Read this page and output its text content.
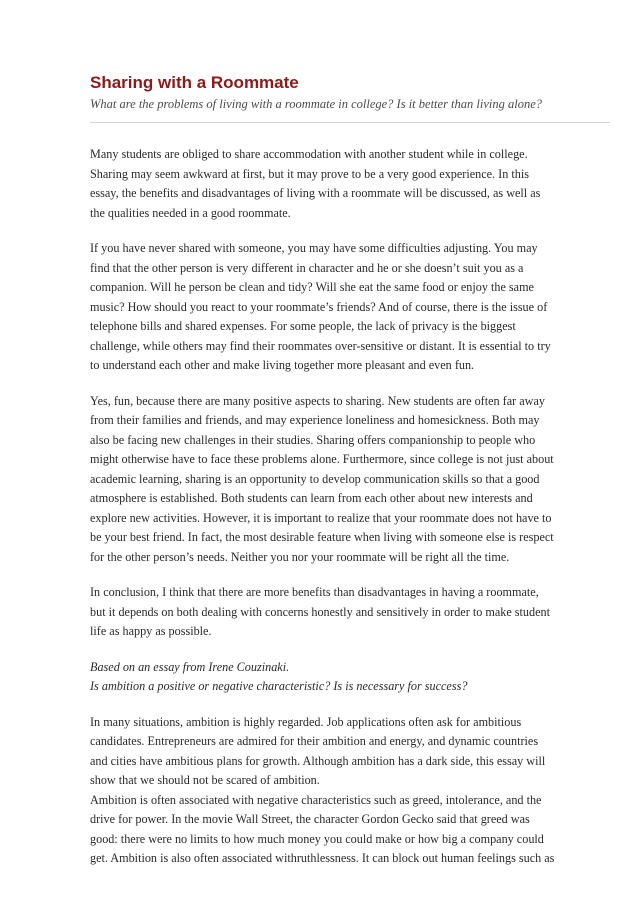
Sharing with a Roommate

What are the problems of living with a roommate in college? Is it better than living alone?

Many students are obliged to share accommodation with another student while in college.
Sharing may seem awkward at first, but it may prove to be a very good experience. In this
essay, the benefits and disadvantages of living with a roommate will be discussed, as well as
the qualities needed in a good roommate.

If you have never shared with someone, you may have some difficulties adjusting. You may
find that the other person is very different in character and he or she doesn’t suit you as a
companion. Will he person be clean and tidy? Will she eat the same food or enjoy the same
music? How should you react to your roommate’s friends? And of course, there is the issue of
telephone bills and shared expenses. For some people, the lack of privacy is the biggest
challenge, while others may find their roommates over-sensitive or distant. It is essential to try
to understand each other and make living together more pleasant and even fun.

Yes, fun, because there are many positive aspects to sharing. New students are often far away
from their families and friends, and may experience loneliness and homesickness. Both may
also be facing new challenges in their studies. Sharing offers companionship to people who
might otherwise have to face these problems alone. Furthermore, since college is not just about
academic learning, sharing is an opportunity to develop communication skills so that a good
atmosphere is established. Both students can learn from each other about new interests and
explore new activities. However, it is important to realize that your roommate does not have to
be your best friend. In fact, the most desirable feature when living with someone else is respect
for the other person’s needs. Neither you nor your roommate will be right all the time.

In conclusion, I think that there are more benefits than disadvantages in having a roommate,
but it depends on both dealing with concerns honestly and sensitively in order to make student
life as happy as possible.

Based on an essay from Irene Couzinaki.
Is ambition a positive or negative characteristic? Is is necessary for success?

In many situations, ambition is highly regarded. Job applications often ask for ambitious
candidates. Entrepreneurs are admired for their ambition and energy, and dynamic countries
and cities have ambitious plans for growth. Although ambition has a dark side, this essay will
show that we should not be scared of ambition.
Ambition is often associated with negative characteristics such as greed, intolerance, and the
drive for power. In the movie Wall Street, the character Gordon Gecko said that greed was
good: there were no limits to how much money you could make or how big a company could
get. Ambition is also often associated withruthlessness. It can block out human feelings such as
